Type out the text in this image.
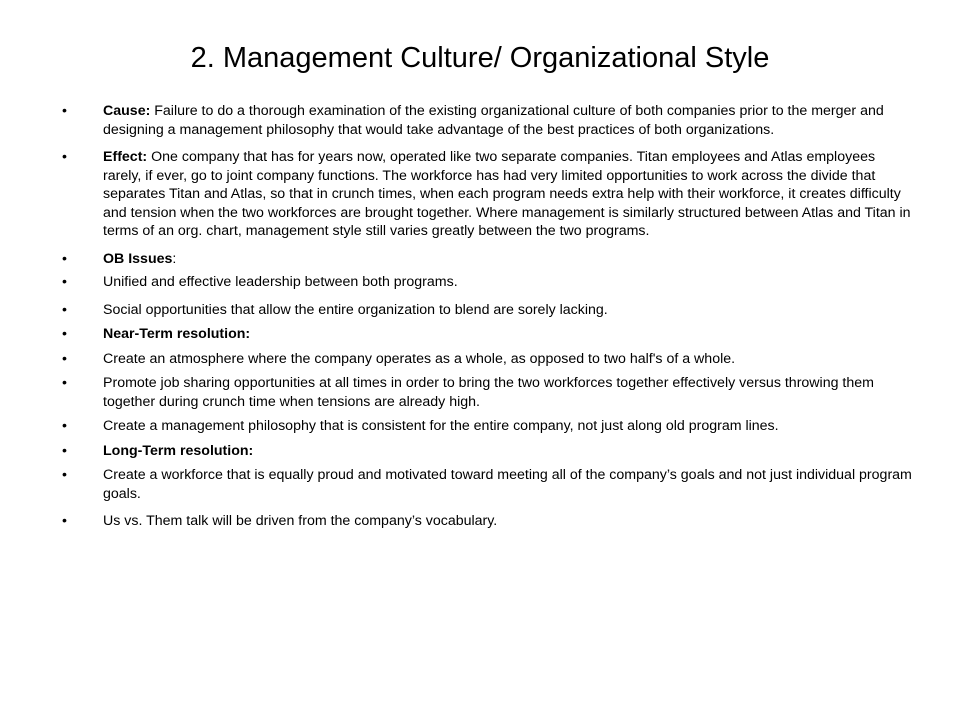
2. Management Culture/ Organizational Style
•	Cause: Failure to do a thorough examination of the existing organizational culture of both companies prior to the merger and designing a management philosophy that would take advantage of the best practices of both organizations.
•	Effect: One company that has for years now, operated like two separate companies. Titan employees and Atlas employees rarely, if ever, go to joint company functions. The workforce has had very limited opportunities to work across the divide that separates Titan and Atlas, so that in crunch times, when each program needs extra help with their workforce, it creates difficulty and tension when the two workforces are brought together. Where management is similarly structured between Atlas and Titan in terms of an org. chart, management style still varies greatly between the two programs.
•	OB Issues:
•	Unified and effective leadership between both programs.
•	Social opportunities that allow the entire organization to blend are sorely lacking.
•	Near-Term resolution:
•	Create an atmosphere where the company operates as a whole, as opposed to two half's of a whole.
•	Promote job sharing opportunities at all times in order to bring the two workforces together effectively versus throwing them together during crunch time when tensions are already high.
•	Create a management philosophy that is consistent for the entire company, not just along old program lines.
•	Long-Term resolution:
•	Create a workforce that is equally proud and motivated toward meeting all of the company’s goals and not just individual program goals.
•	Us vs. Them talk will be driven from the company’s vocabulary.
